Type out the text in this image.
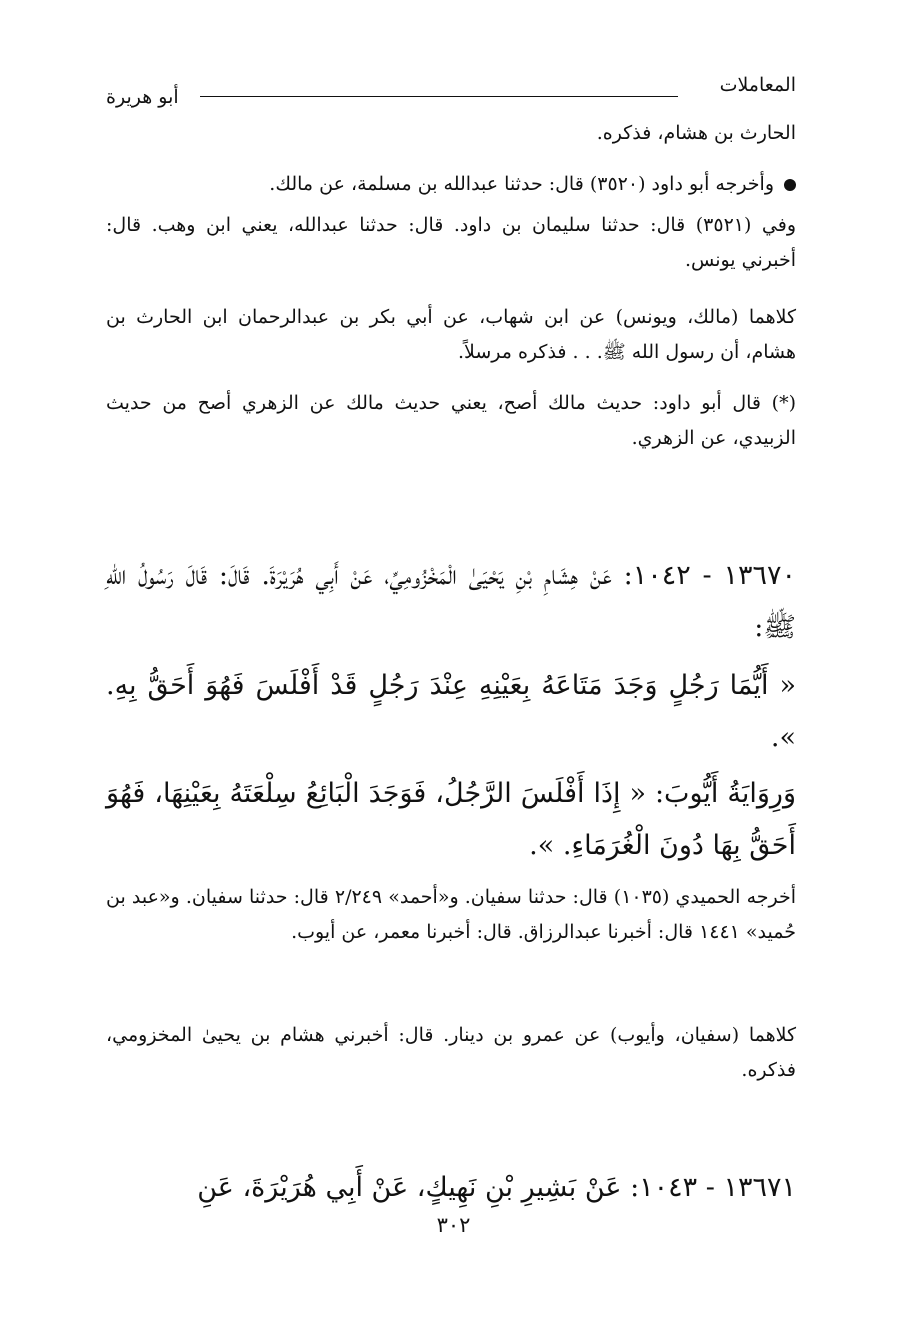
المعاملات
أبو هريرة
الحارث بن هشام، فذكره.
وأخرجه أبو داود (٣٥٢٠) قال: حدثنا عبدالله بن مسلمة، عن مالك.
وفي (٣٥٢١) قال: حدثنا سليمان بن داود. قال: حدثنا عبدالله، يعني ابن وهب. قال: أخبرني يونس.
كلاهما (مالك، ويونس) عن ابن شهاب، عن أبي بكر بن عبدالرحمان ابن الحارث بن هشام، أن رسول الله ﷺ. . . فذكره مرسلاً.
(*) قال أبو داود: حديث مالك أصح، يعني حديث مالك عن الزهري أصح من حديث الزبيدي، عن الزهري.
١٣٦٧٠ - ١٠٤٢: عَنْ هِشَامِ بْنِ يَحْيَىٰ الْمَخْزُومِيِّ، عَنْ أَبِي هُرَيْرَةَ. قَالَ: قَالَ رَسُولُ اللهِ ﷺ:
« أَيُّمَا رَجُلٍ وَجَدَ مَتَاعَهُ بِعَيْنِهِ عِنْدَ رَجُلٍ قَدْ أَفْلَسَ فَهُوَ أَحَقُّ بِهِ. ».
وَرِوَايَةُ أَيُّوبَ: « إِذَا أَفْلَسَ الرَّجُلُ، فَوَجَدَ الْبَائِعُ سِلْعَتَهُ بِعَيْنِهَا، فَهُوَ أَحَقُّ بِهَا دُونَ الْغُرَمَاءِ. ».
أخرجه الحميدي (١٠٣٥) قال: حدثنا سفيان. و«أحمد» ٢/٢٤٩ قال: حدثنا سفيان. و«عبد بن حُميد» ١٤٤١ قال: أخبرنا عبدالرزاق. قال: أخبرنا معمر، عن أيوب.
كلاهما (سفيان، وأيوب) عن عمرو بن دينار. قال: أخبرني هشام بن يحيىٰ المخزومي، فذكره.
١٣٦٧١ - ١٠٤٣: عَنْ بَشِيرِ بْنِ نَهِيكٍ، عَنْ أَبِي هُرَيْرَةَ، عَنِ
٣٠٢
